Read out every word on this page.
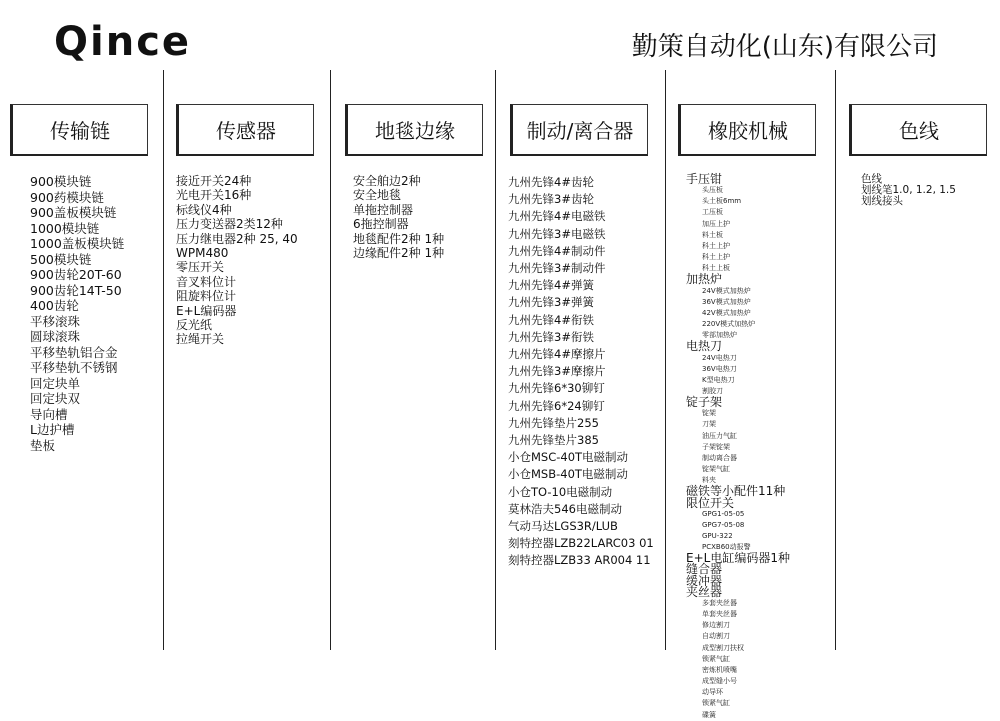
Qince	勤策自动化(山东)有限公司
传输链
900模块链
900药模块链
900盖板模块链
1000模块链
1000盖板模块链
500模块链
900齿轮20T-60
900齿轮14T-50
400齿轮
平移滚珠
圆球滚珠
平移垫轨铝合金
平移垫轨不锈钢
回定块单
回定块双
导向槽
L边护槽
垫板
传感器
接近开关24种
光电开关16种
标线仪4种
压力变送器2类12种
压力继电器2种 25, 40
WPM480
零压开关
音叉料位计
阻旋料位计
E+L编码器
反光纸
拉绳开关
地毯边缘
安全舶边2种
安全地毯
单拖控制器
6拖控制器
地毯配件2种 1种
边缘配件2种 1种
制动/离合器
九州先锋4#齿轮
九州先锋3#齿轮
九州先锋4#电磁铁
九州先锋3#电磁铁
九州先锋4#制动件
九州先锋3#制动件
九州先锋4#弹簧
九州先锋3#弹簧
九州先锋4#衔铁
九州先锋3#衔铁
九州先锋4#摩擦片
九州先锋3#摩擦片
九州先锋6*30铆钉
九州先锋6*24铆钉
九州先锋垫片255
九州先锋垫片385
小仓MSC-40T电磁制动
小仓MSB-40T电磁制动
小仓TO-10电磁制动
莫林浩夫546电磁制动
气动马达LGS3R/LUB
刻特控器LZB22LARC03 01
刻特控器LZB33 AR004 11
橡胶机械
手压钳
头压板
头土板6mm
工压板
加压上护
料土板
科土上护
科土上护
科土上板
加热炉
24V模式加热炉
36V模式加热炉
42V模式加热炉
220V模式加热炉
零部加热炉
电热刀
24V电热刀
36V电热刀
K型电热刀
割胶刀
锭子架
锭架
刀架
油压力气缸
子架锭架
制动离合器
锭架气缸
料夹
磁铁等小配件11种
限位开关
GPG1-05-05
GPG7-05-08
GPU-322
PCXB60动报警
E+L电缸编码器1种
缝合器
缓冲器
夹丝器
多套夹丝器
单套夹丝器
修边割刀
自动割刀
成型割刀扶权
锁紧气缸
密炼机喷嘴
成型缝小号
动导环
锁紧气缸
碟簧
色线
色线
划线笔1.0, 1.2, 1.5
划线接头
